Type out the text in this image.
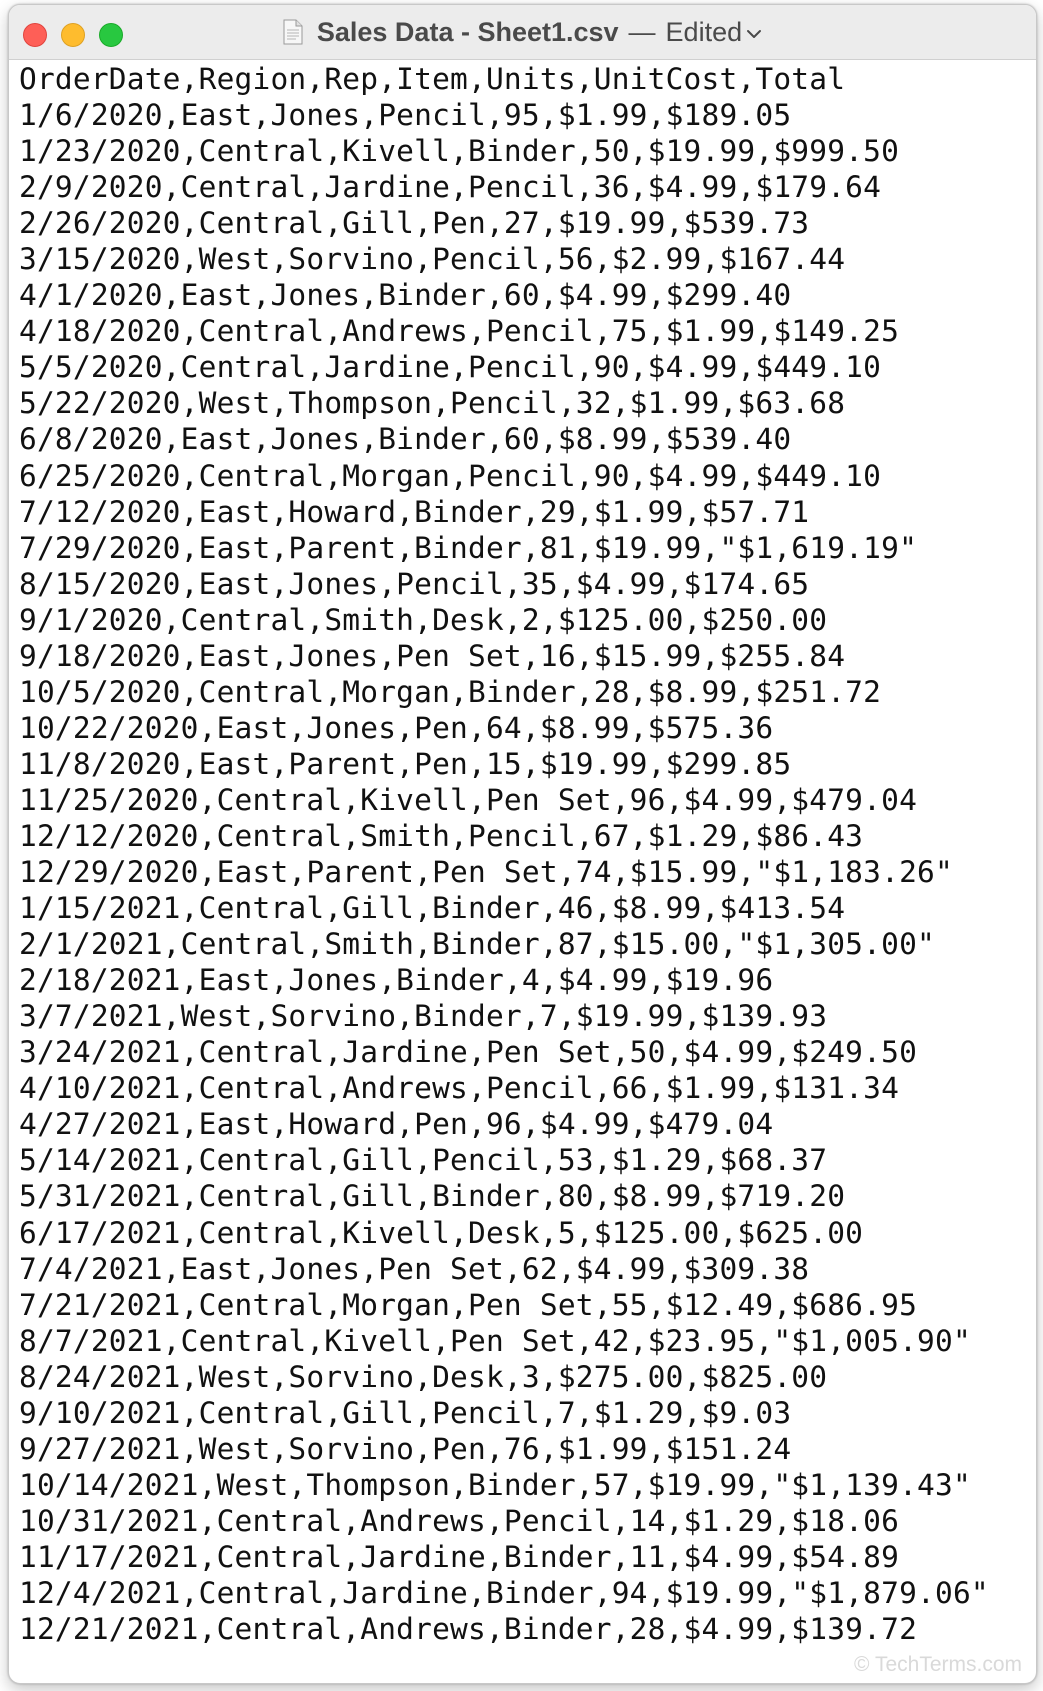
Sales Data - Sheet1.csv — Edited
OrderDate,Region,Rep,Item,Units,UnitCost,Total
1/6/2020,East,Jones,Pencil,95,$1.99,$189.05
1/23/2020,Central,Kivell,Binder,50,$19.99,$999.50
2/9/2020,Central,Jardine,Pencil,36,$4.99,$179.64
2/26/2020,Central,Gill,Pen,27,$19.99,$539.73
3/15/2020,West,Sorvino,Pencil,56,$2.99,$167.44
4/1/2020,East,Jones,Binder,60,$4.99,$299.40
4/18/2020,Central,Andrews,Pencil,75,$1.99,$149.25
5/5/2020,Central,Jardine,Pencil,90,$4.99,$449.10
5/22/2020,West,Thompson,Pencil,32,$1.99,$63.68
6/8/2020,East,Jones,Binder,60,$8.99,$539.40
6/25/2020,Central,Morgan,Pencil,90,$4.99,$449.10
7/12/2020,East,Howard,Binder,29,$1.99,$57.71
7/29/2020,East,Parent,Binder,81,$19.99,"$1,619.19"
8/15/2020,East,Jones,Pencil,35,$4.99,$174.65
9/1/2020,Central,Smith,Desk,2,$125.00,$250.00
9/18/2020,East,Jones,Pen Set,16,$15.99,$255.84
10/5/2020,Central,Morgan,Binder,28,$8.99,$251.72
10/22/2020,East,Jones,Pen,64,$8.99,$575.36
11/8/2020,East,Parent,Pen,15,$19.99,$299.85
11/25/2020,Central,Kivell,Pen Set,96,$4.99,$479.04
12/12/2020,Central,Smith,Pencil,67,$1.29,$86.43
12/29/2020,East,Parent,Pen Set,74,$15.99,"$1,183.26"
1/15/2021,Central,Gill,Binder,46,$8.99,$413.54
2/1/2021,Central,Smith,Binder,87,$15.00,"$1,305.00"
2/18/2021,East,Jones,Binder,4,$4.99,$19.96
3/7/2021,West,Sorvino,Binder,7,$19.99,$139.93
3/24/2021,Central,Jardine,Pen Set,50,$4.99,$249.50
4/10/2021,Central,Andrews,Pencil,66,$1.99,$131.34
4/27/2021,East,Howard,Pen,96,$4.99,$479.04
5/14/2021,Central,Gill,Pencil,53,$1.29,$68.37
5/31/2021,Central,Gill,Binder,80,$8.99,$719.20
6/17/2021,Central,Kivell,Desk,5,$125.00,$625.00
7/4/2021,East,Jones,Pen Set,62,$4.99,$309.38
7/21/2021,Central,Morgan,Pen Set,55,$12.49,$686.95
8/7/2021,Central,Kivell,Pen Set,42,$23.95,"$1,005.90"
8/24/2021,West,Sorvino,Desk,3,$275.00,$825.00
9/10/2021,Central,Gill,Pencil,7,$1.29,$9.03
9/27/2021,West,Sorvino,Pen,76,$1.99,$151.24
10/14/2021,West,Thompson,Binder,57,$19.99,"$1,139.43"
10/31/2021,Central,Andrews,Pencil,14,$1.29,$18.06
11/17/2021,Central,Jardine,Binder,11,$4.99,$54.89
12/4/2021,Central,Jardine,Binder,94,$19.99,"$1,879.06"
12/21/2021,Central,Andrews,Binder,28,$4.99,$139.72
© TechTerms.com
